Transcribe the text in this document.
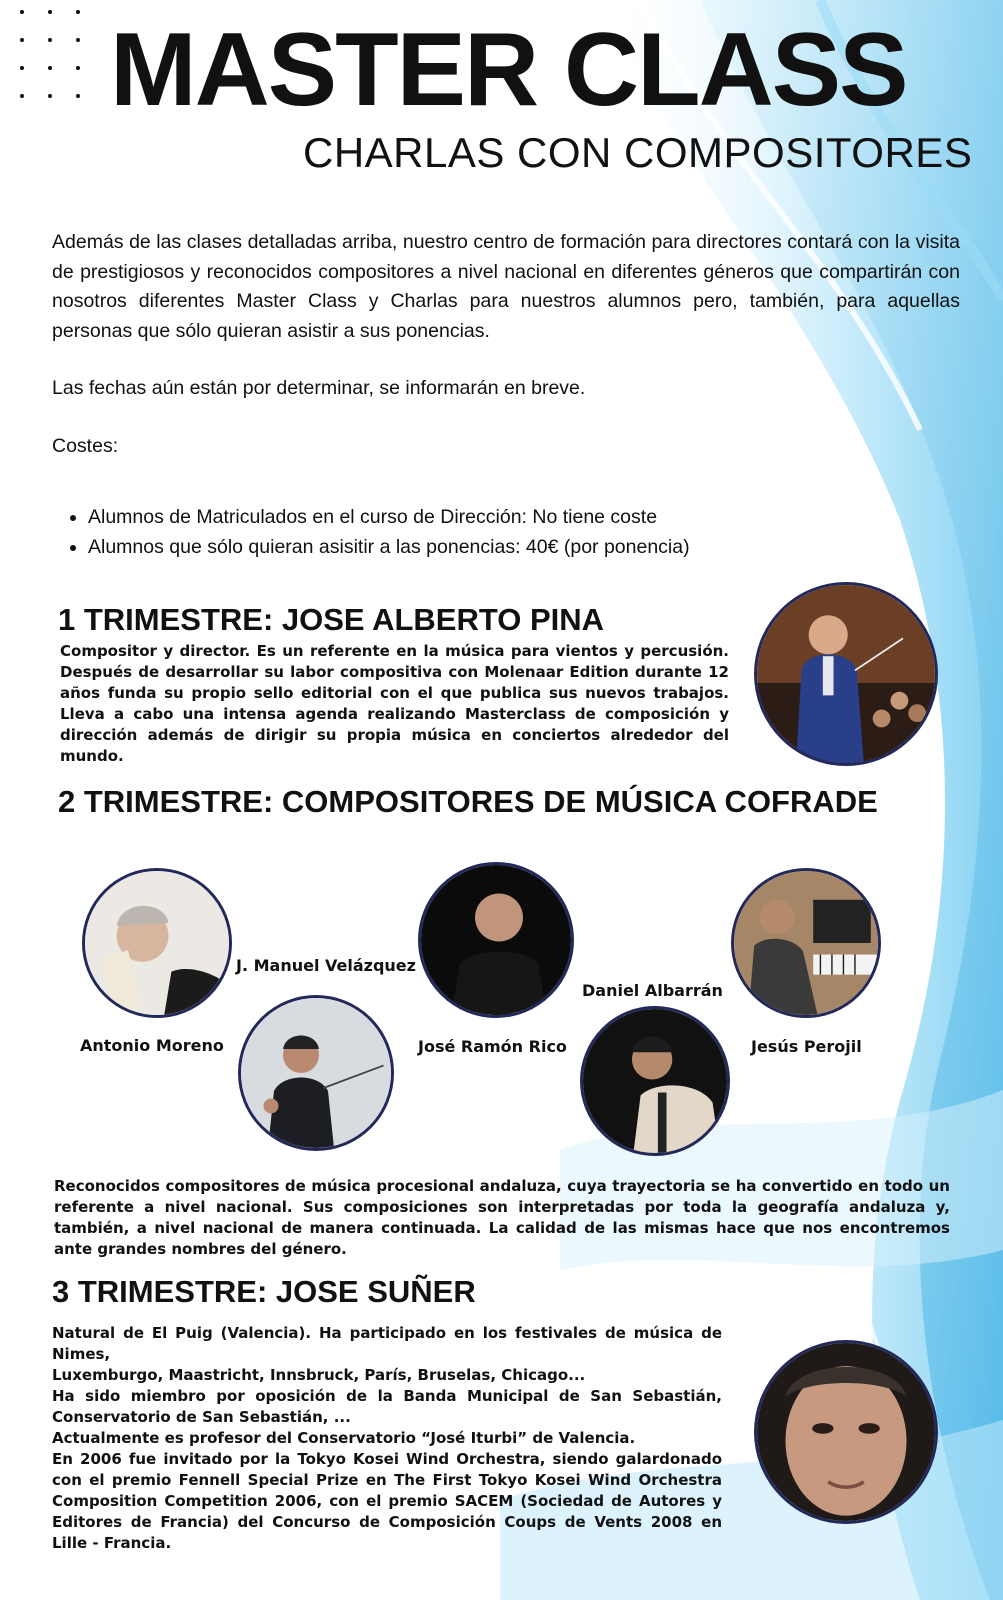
MASTER CLASS
CHARLAS CON COMPOSITORES

Además de las clases detalladas arriba, nuestro centro de formación para directores contará con la visita de prestigiosos y reconocidos compositores a nivel nacional en diferentes géneros que compartirán con nosotros diferentes Master Class y Charlas para nuestros alumnos pero, también, para aquellas personas que sólo quieran asistir a sus ponencias.

Las fechas aún están por determinar, se informarán en breve.

Costes:

• Alumnos de Matriculados en el curso de Dirección: No tiene coste
• Alumnos que sólo quieran asisitir a las ponencias: 40€ (por ponencia)
1 TRIMESTRE: JOSE ALBERTO PINA

Compositor y director. Es un referente en la música para vientos y percusión. Después de desarrollar su labor compositiva con Molenaar Edition durante 12 años funda su propio sello editorial con el que publica sus nuevos trabajos. Lleva a cabo una intensa agenda realizando Masterclass de composición y dirección además de dirigir su propia música en conciertos alrededor del mundo.

2 TRIMESTRE: COMPOSITORES DE MÚSICA COFRADE

J. Manuel Velázquez

Daniel Albarrán

Antonio Moreno	José Ramón Rico	Jesús Perojil

Reconocidos compositores de música procesional andaluza, cuya trayectoria se ha convertido en todo un referente a nivel nacional. Sus composiciones son interpretadas por toda la geografía andaluza y, también, a nivel nacional de manera continuada. La calidad de las mismas hace que nos encontremos ante grandes nombres del género.

3 TRIMESTRE: JOSE SUÑER

Natural de El Puig (Valencia). Ha participado en los festivales de música de Nimes,

Luxemburgo, Maastricht, Innsbruck, París, Bruselas, Chicago...

Ha sido miembro por oposición de la Banda Municipal de San Sebastián, Conservatorio de San Sebastián, ...

Actualmente es profesor del Conservatorio “José Iturbi” de Valencia.

En 2006 fue invitado por la Tokyo Kosei Wind Orchestra, siendo galardonado con el premio Fennell Special Prize en The First Tokyo Kosei Wind Orchestra Composition Competition 2006, con el premio SACEM (Sociedad de Autores y Editores de Francia) del Concurso de Composición Coups de Vents 2008 en Lille - Francia.
